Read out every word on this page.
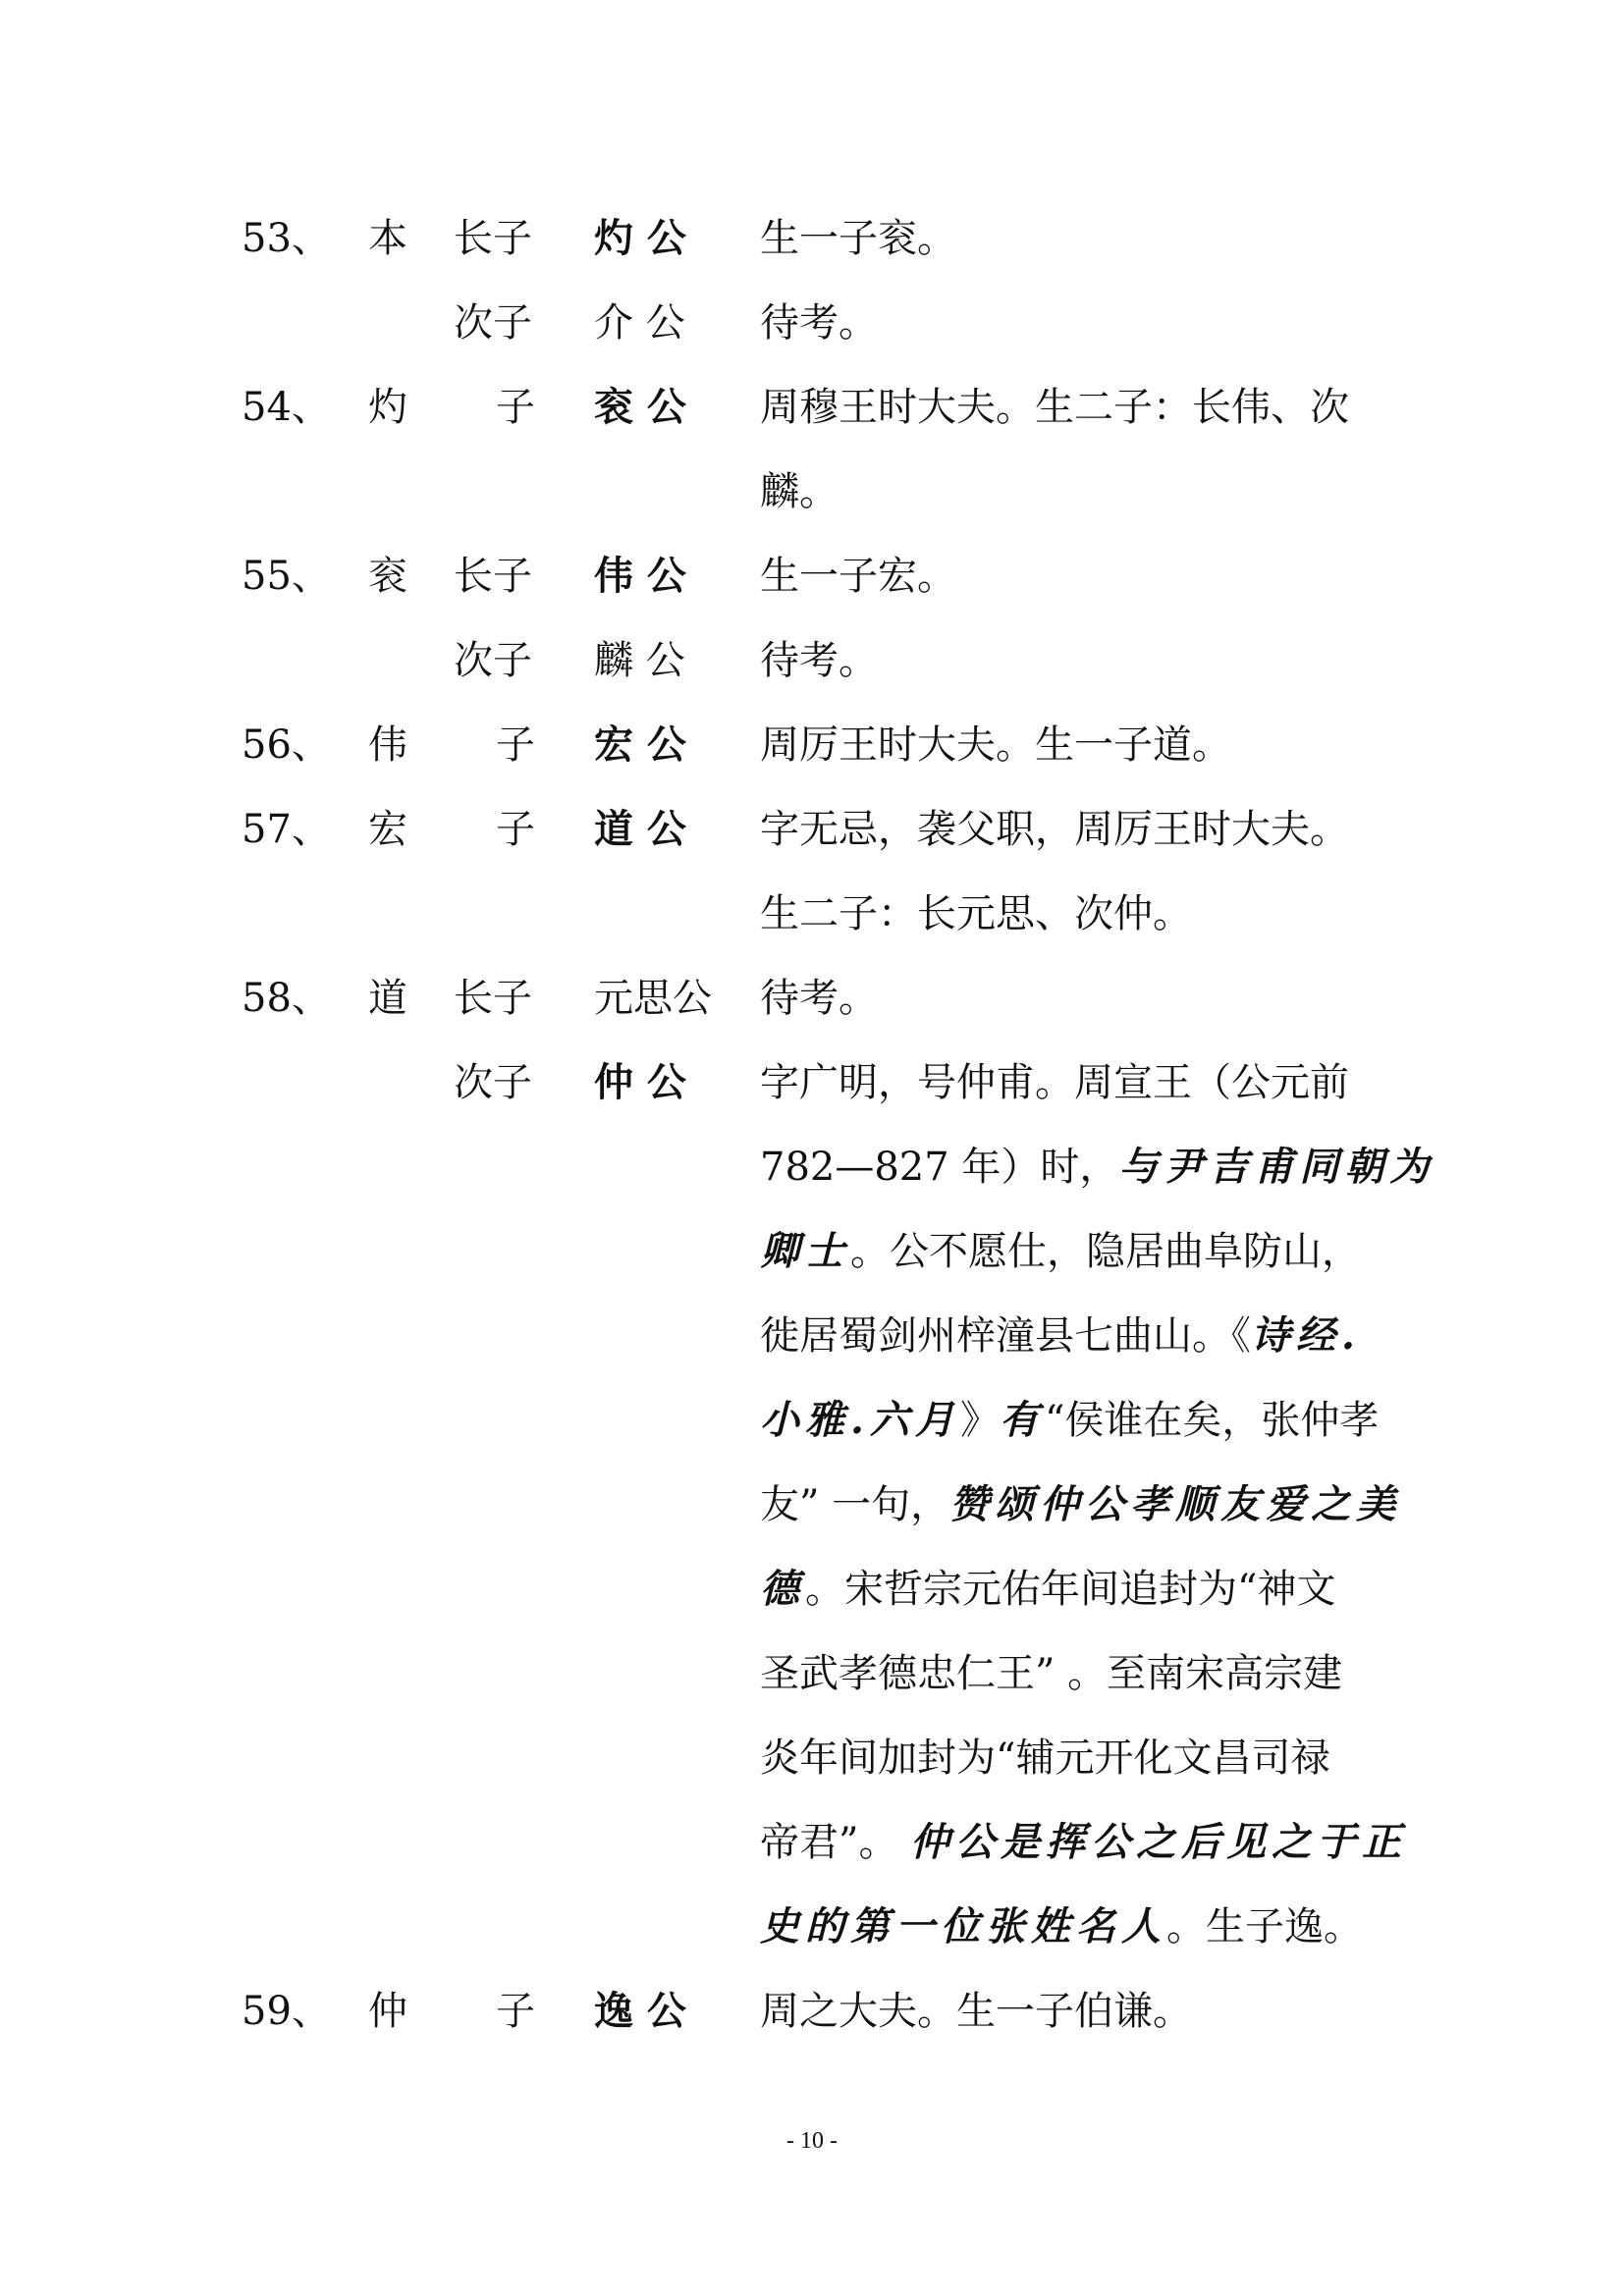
53、 本 长子 灼 公 生一子衮。
次子 介 公 待考。
54、 灼 子 衮 公 周穆王时大夫。生二子：长伟、次
麟。
55、 衮 长子 伟 公 生一子宏。
次子 麟 公 待考。
56、 伟 子 宏 公 周厉王时大夫。生一子道。
57、 宏 子 道 公 字无忌，袭父职，周厉王时大夫。
生二子：长元思、次仲。
58、 道 长子 元思公 待考。
次子 仲 公 字广明，号仲甫。周宣王（公元前
782—827 年）时，与尹吉甫同朝为
卿士。公不愿仕，隐居曲阜防山，
徙居蜀剑州梓潼县七曲山。《诗经.
小雅.六月》有“侯谁在矣，张仲孝
友” 一句，赞颂仲公孝顺友爱之美
德。宋哲宗元佑年间追封为“神文
圣武孝德忠仁王” 。至南宋高宗建
炎年间加封为“辅元开化文昌司禄
帝君”。 仲公是挥公之后见之于正
史的第一位张姓名人。生子逸。
59、 仲 子 逸 公 周之大夫。生一子伯谦。
- 10 -
